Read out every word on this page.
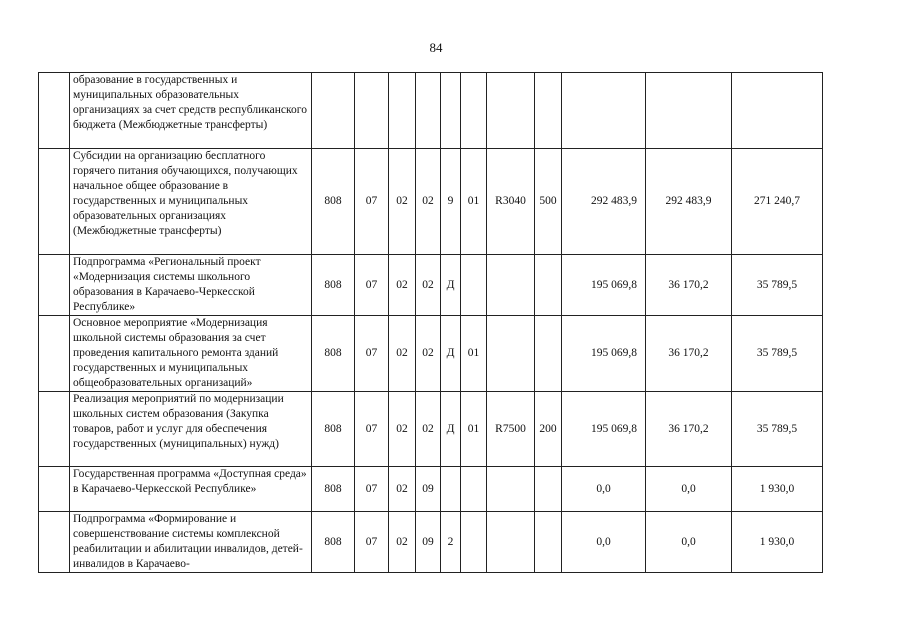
84
	образование в государственных и муниципальных образовательных организациях за счет средств республиканского бюджета (Межбюджетные трансферты)											
	Субсидии на организацию бесплатного горячего питания обучающихся, получающих начальное общее образование в государственных и муниципальных образовательных организациях (Межбюджетные трансферты)	808	07	02	02	9	01	R3040	500	292 483,9	292 483,9	271 240,7
	Подпрограмма «Региональный проект «Модернизация системы школьного образования в Карачаево-Черкесской Республике»	808	07	02	02	Д				195 069,8	36 170,2	35 789,5
	Основное мероприятие «Модернизация школьной системы образования за счет проведения капитального ремонта зданий государственных и муниципальных общеобразовательных организаций»	808	07	02	02	Д	01			195 069,8	36 170,2	35 789,5
	Реализация мероприятий по модернизации школьных систем образования (Закупка товаров, работ и услуг для обеспечения государственных (муниципальных) нужд)	808	07	02	02	Д	01	R7500	200	195 069,8	36 170,2	35 789,5
	Государственная программа «Доступная среда» в Карачаево-Черкесской Республике»	808	07	02	09					0,0	0,0	1 930,0
	Подпрограмма «Формирование и совершенствование системы комплексной реабилитации и абилитации инвалидов, детей-инвалидов в Карачаево-	808	07	02	09	2				0,0	0,0	1 930,0
